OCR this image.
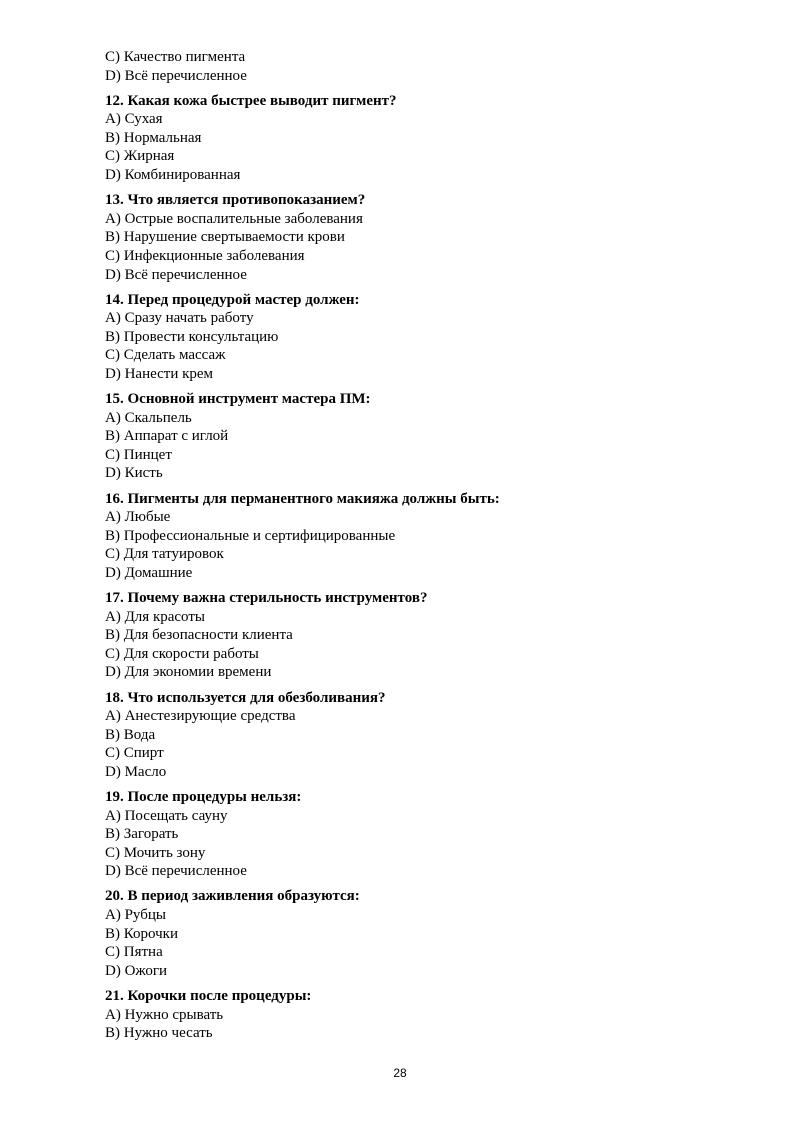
C) Качество пигмента
D) Всё перечисленное
12. Какая кожа быстрее выводит пигмент?
A) Сухая
B) Нормальная
C) Жирная
D) Комбинированная
13. Что является противопоказанием?
A) Острые воспалительные заболевания
B) Нарушение свертываемости крови
C) Инфекционные заболевания
D) Всё перечисленное
14. Перед процедурой мастер должен:
A) Сразу начать работу
B) Провести консультацию
C) Сделать массаж
D) Нанести крем
15. Основной инструмент мастера ПМ:
A) Скальпель
B) Аппарат с иглой
C) Пинцет
D) Кисть
16. Пигменты для перманентного макияжа должны быть:
A) Любые
B) Профессиональные и сертифицированные
C) Для татуировок
D) Домашние
17. Почему важна стерильность инструментов?
A) Для красоты
B) Для безопасности клиента
C) Для скорости работы
D) Для экономии времени
18. Что используется для обезболивания?
A) Анестезирующие средства
B) Вода
C) Спирт
D) Масло
19. После процедуры нельзя:
A) Посещать сауну
B) Загорать
C) Мочить зону
D) Всё перечисленное
20. В период заживления образуются:
A) Рубцы
B) Корочки
C) Пятна
D) Ожоги
21. Корочки после процедуры:
A) Нужно срывать
B) Нужно чесать
28
